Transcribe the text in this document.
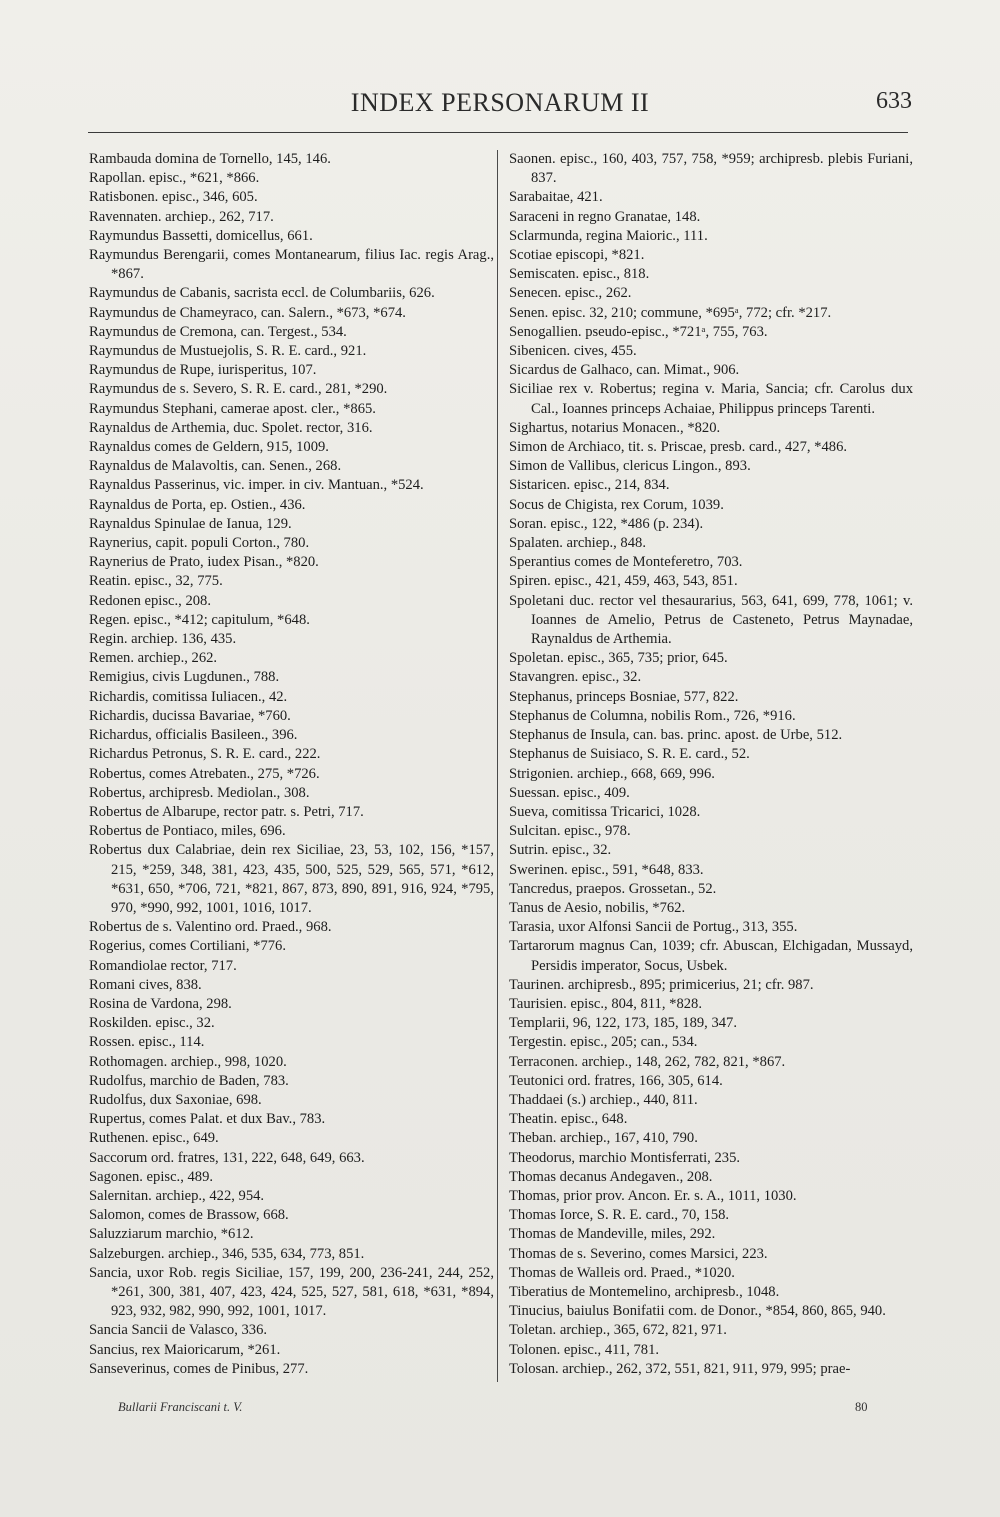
INDEX PERSONARUM II	633
Rambauda domina de Tornello, 145, 146.
Rapollan. episc., *621, *866.
Ratisbonen. episc., 346, 605.
Ravennaten. archiep., 262, 717.
Raymundus Bassetti, domicellus, 661.
Raymundus Berengarii, comes Montanearum, filius Iac. regis Arag., *867.
Raymundus de Cabanis, sacrista eccl. de Columbariis, 626.
Raymundus de Chameyraco, can. Salern., *673, *674.
Raymundus de Cremona, can. Tergest., 534.
Raymundus de Mustuejolis, S. R. E. card., 921.
Raymundus de Rupe, iurisperitus, 107.
Raymundus de s. Severo, S. R. E. card., 281, *290.
Raymundus Stephani, camerae apost. cler., *865.
Raynaldus de Arthemia, duc. Spolet. rector, 316.
Raynaldus comes de Geldern, 915, 1009.
Raynaldus de Malavoltis, can. Senen., 268.
Raynaldus Passerinus, vic. imper. in civ. Mantuan., *524.
Raynaldus de Porta, ep. Ostien., 436.
Raynaldus Spinulae de Ianua, 129.
Raynerius, capit. populi Corton., 780.
Raynerius de Prato, iudex Pisan., *820.
Reatin. episc., 32, 775.
Redonen episc., 208.
Regen. episc., *412; capitulum, *648.
Regin. archiep. 136, 435.
Remen. archiep., 262.
Remigius, civis Lugdunen., 788.
Richardis, comitissa Iuliacen., 42.
Richardis, ducissa Bavariae, *760.
Richardus, officialis Basileen., 396.
Richardus Petronus, S. R. E. card., 222.
Robertus, comes Atrebaten., 275, *726.
Robertus, archipresb. Mediolan., 308.
Robertus de Albarupe, rector patr. s. Petri, 717.
Robertus de Pontiaco, miles, 696.
Robertus dux Calabriae, dein rex Siciliae, 23, 53, 102, 156, *157, 215, *259, 348, 381, 423, 435, 500, 525, 529, 565, 571, *612, *631, 650, *706, 721, *821, 867, 873, 890, 891, 916, 924, *795, 970, *990, 992, 1001, 1016, 1017.
Robertus de s. Valentino ord. Praed., 968.
Rogerius, comes Cortiliani, *776.
Romandiolae rector, 717.
Romani cives, 838.
Rosina de Vardona, 298.
Roskilden. episc., 32.
Rossen. episc., 114.
Rothomagen. archiep., 998, 1020.
Rudolfus, marchio de Baden, 783.
Rudolfus, dux Saxoniae, 698.
Rupertus, comes Palat. et dux Bav., 783.
Ruthenen. episc., 649.
Saccorum ord. fratres, 131, 222, 648, 649, 663.
Sagonen. episc., 489.
Salernitan. archiep., 422, 954.
Salomon, comes de Brassow, 668.
Saluzziarum marchio, *612.
Salzeburgen. archiep., 346, 535, 634, 773, 851.
Sancia, uxor Rob. regis Siciliae, 157, 199, 200, 236-241, 244, 252, *261, 300, 381, 407, 423, 424, 525, 527, 581, 618, *631, *894, 923, 932, 982, 990, 992, 1001, 1017.
Sancia Sancii de Valasco, 336.
Sancius, rex Maioricarum, *261.
Sanseverinus, comes de Pinibus, 277.
Saonen. episc., 160, 403, 757, 758, *959; archipresb. plebis Furiani, 837.
Sarabaitae, 421.
Saraceni in regno Granatae, 148.
Sclarmunda, regina Maioric., 111.
Scotiae episcopi, *821.
Semiscaten. episc., 818.
Senecen. episc., 262.
Senen. episc. 32, 210; commune, *695ᵃ, 772; cfr. *217.
Senogallien. pseudo-episc., *721ᵃ, 755, 763.
Sibenicen. cives, 455.
Sicardus de Galhaco, can. Mimat., 906.
Siciliae rex v. Robertus; regina v. Maria, Sancia; cfr. Carolus dux Cal., Ioannes princeps Achaiae, Philippus princeps Tarenti.
Sighartus, notarius Monacen., *820.
Simon de Archiaco, tit. s. Priscae, presb. card., 427, *486.
Simon de Vallibus, clericus Lingon., 893.
Sistaricen. episc., 214, 834.
Socus de Chigista, rex Corum, 1039.
Soran. episc., 122, *486 (p. 234).
Spalaten. archiep., 848.
Sperantius comes de Monteferetro, 703.
Spiren. episc., 421, 459, 463, 543, 851.
Spoletani duc. rector vel thesaurarius, 563, 641, 699, 778, 1061; v. Ioannes de Amelio, Petrus de Casteneto, Petrus Maynadae, Raynaldus de Arthemia.
Spoletan. episc., 365, 735; prior, 645.
Stavangren. episc., 32.
Stephanus, princeps Bosniae, 577, 822.
Stephanus de Columna, nobilis Rom., 726, *916.
Stephanus de Insula, can. bas. princ. apost. de Urbe, 512.
Stephanus de Suisiaco, S. R. E. card., 52.
Strigonien. archiep., 668, 669, 996.
Suessan. episc., 409.
Sueva, comitissa Tricarici, 1028.
Sulcitan. episc., 978.
Sutrin. episc., 32.
Swerinen. episc., 591, *648, 833.
Tancredus, praepos. Grossetan., 52.
Tanus de Aesio, nobilis, *762.
Tarasia, uxor Alfonsi Sancii de Portug., 313, 355.
Tartarorum magnus Can, 1039; cfr. Abuscan, Elchigadan, Mussayd, Persidis imperator, Socus, Usbek.
Taurinen. archipresb., 895; primicerius, 21; cfr. 987.
Taurisien. episc., 804, 811, *828.
Templarii, 96, 122, 173, 185, 189, 347.
Tergestin. episc., 205; can., 534.
Terraconen. archiep., 148, 262, 782, 821, *867.
Teutonici ord. fratres, 166, 305, 614.
Thaddaei (s.) archiep., 440, 811.
Theatin. episc., 648.
Theban. archiep., 167, 410, 790.
Theodorus, marchio Montisferrati, 235.
Thomas decanus Andegaven., 208.
Thomas, prior prov. Ancon. Er. s. A., 1011, 1030.
Thomas Iorce, S. R. E. card., 70, 158.
Thomas de Mandeville, miles, 292.
Thomas de s. Severino, comes Marsici, 223.
Thomas de Walleis ord. Praed., *1020.
Tiberatius de Montemelino, archipresb., 1048.
Tinucius, baiulus Bonifatii com. de Donor., *854, 860, 865, 940.
Toletan. archiep., 365, 672, 821, 971.
Tolonen. episc., 411, 781.
Tolosan. archiep., 262, 372, 551, 821, 911, 979, 995; prae-
Bullarii Franciscani t. V.	80
